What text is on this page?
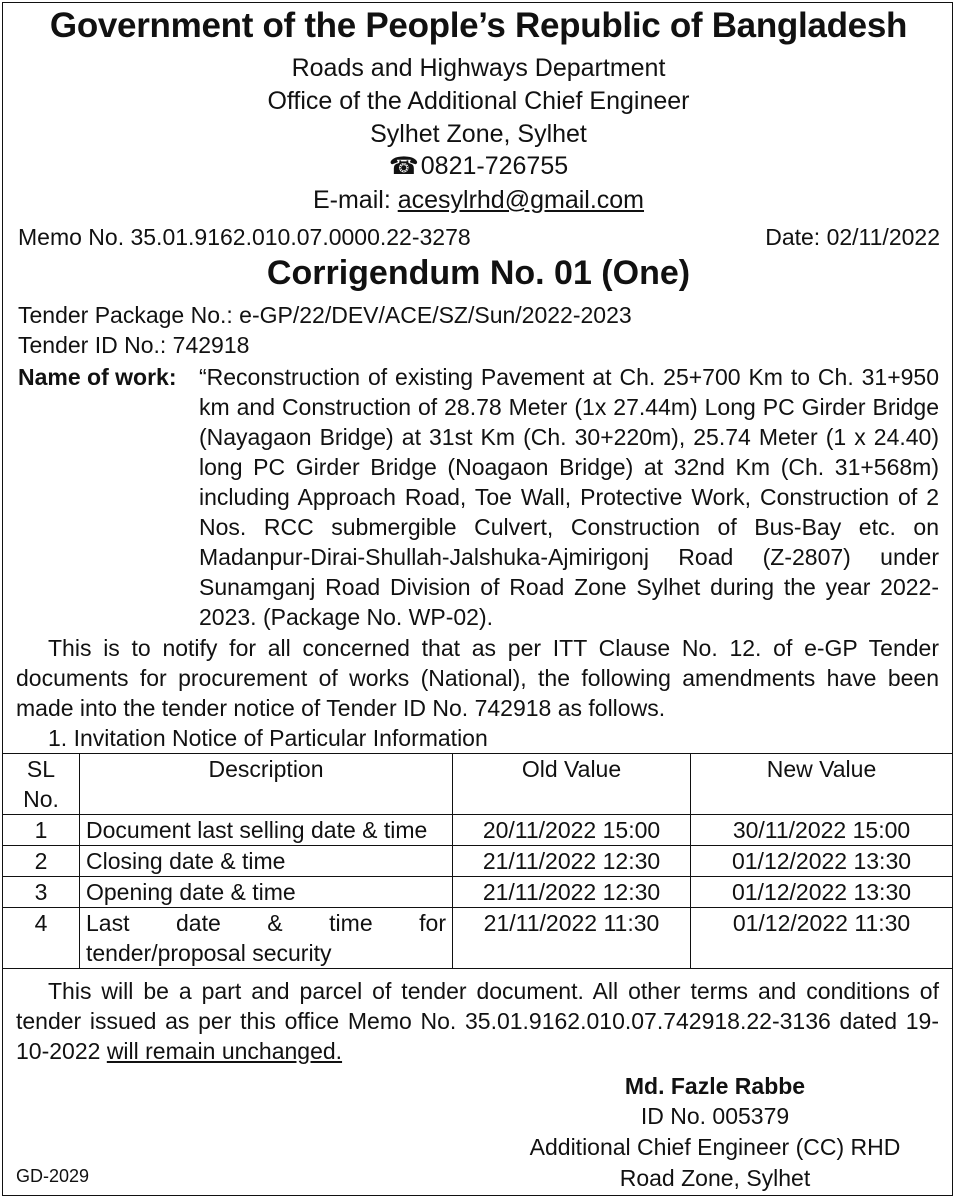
Government of the People’s Republic of Bangladesh
Roads and Highways Department
Office of the Additional Chief Engineer
Sylhet Zone, Sylhet
☎0821-726755
E-mail: acesylrhd@gmail.com
Memo No. 35.01.9162.010.07.0000.22-3278	Date: 02/11/2022
Corrigendum No. 01 (One)
Tender Package No.: e-GP/22/DEV/ACE/SZ/Sun/2022-2023
Tender ID No.: 742918
Name of work: “Reconstruction of existing Pavement at Ch. 25+700 Km to Ch. 31+950 km and Construction of 28.78 Meter (1x 27.44m) Long PC Girder Bridge (Nayagaon Bridge) at 31st Km (Ch. 30+220m), 25.74 Meter (1 x 24.40) long PC Girder Bridge (Noagaon Bridge) at 32nd Km (Ch. 31+568m) including Approach Road, Toe Wall, Protective Work, Construction of 2 Nos. RCC submergible Culvert, Construction of Bus-Bay etc. on Madanpur-Dirai-Shullah-Jalshuka-Ajmirigonj Road (Z-2807) under Sunamganj Road Division of Road Zone Sylhet during the year 2022-2023. (Package No. WP-02).
This is to notify for all concerned that as per ITT Clause No. 12. of e-GP Tender documents for procurement of works (National), the following amendments have been made into the tender notice of Tender ID No. 742918 as follows.
1. Invitation Notice of Particular Information
SL No.	Description	Old Value	New Value
1	Document last selling date & time	20/11/2022 15:00	30/11/2022 15:00
2	Closing date & time	21/11/2022 12:30	01/12/2022 13:30
3	Opening date & time	21/11/2022 12:30	01/12/2022 13:30
4	Last date & time for tender/proposal security	21/11/2022 11:30	01/12/2022 11:30
This will be a part and parcel of tender document. All other terms and conditions of tender issued as per this office Memo No. 35.01.9162.010.07.742918.22-3136 dated 19-10-2022 will remain unchanged.
Md. Fazle Rabbe
ID No. 005379
Additional Chief Engineer (CC) RHD
Road Zone, Sylhet
GD-2029
